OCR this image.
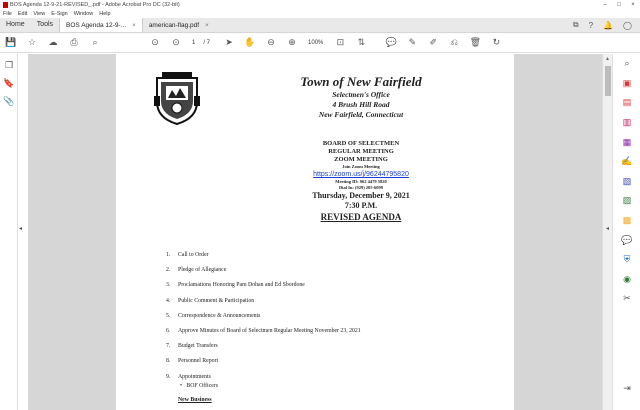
BOS Agenda 12-9-21-REVISED_.pdf - Adobe Acrobat Pro DC (32-bit)	–	□	×
File Edit View E-Sign Window Help
Home	Tools	BOS Agenda 12-9-... × american-flag.pdf ×	⧉ ? 🔔 ◯
💾 ☆ ☁ ⎙ ⌕	⊙ ⊙ 1 / 7 ➤ ✋ ⊖ ⊕ 100% ⊡ ⇅ 💬 ✎ ✐ ⎌ 🗑 ↻
❐
🔖
📎
◂
Town of New Fairfield
Selectmen's Office
4 Brush Hill Road
New Fairfield, Connecticut
BOARD OF SELECTMEN
REGULAR MEETING
ZOOM MEETING
Join Zoom Meeting
https://zoom.us/j/96244795820
Meeting ID: 962 4479 5820
Dial In: (929) 205-6099
Thursday, December 9, 2021
7:30 P.M.
REVISED AGENDA
1.	Call to Order
2.	Pledge of Allegiance
3.	Proclamations Honoring Pam Dohan and Ed Sbordone
4.	Public Comment & Participation
5.	Correspondence & Announcements
6.	Approve Minutes of Board of Selectmen Regular Meeting November 23, 2021
7.	Budget Transfers
8.	Personnel Report
9.	Appointments
•   BOF Officers
New Business
▲
◂
⌕
▣
▤
▥
▦
✍
▧
▨
▩
💬
⛨
◉
✂
⇥
